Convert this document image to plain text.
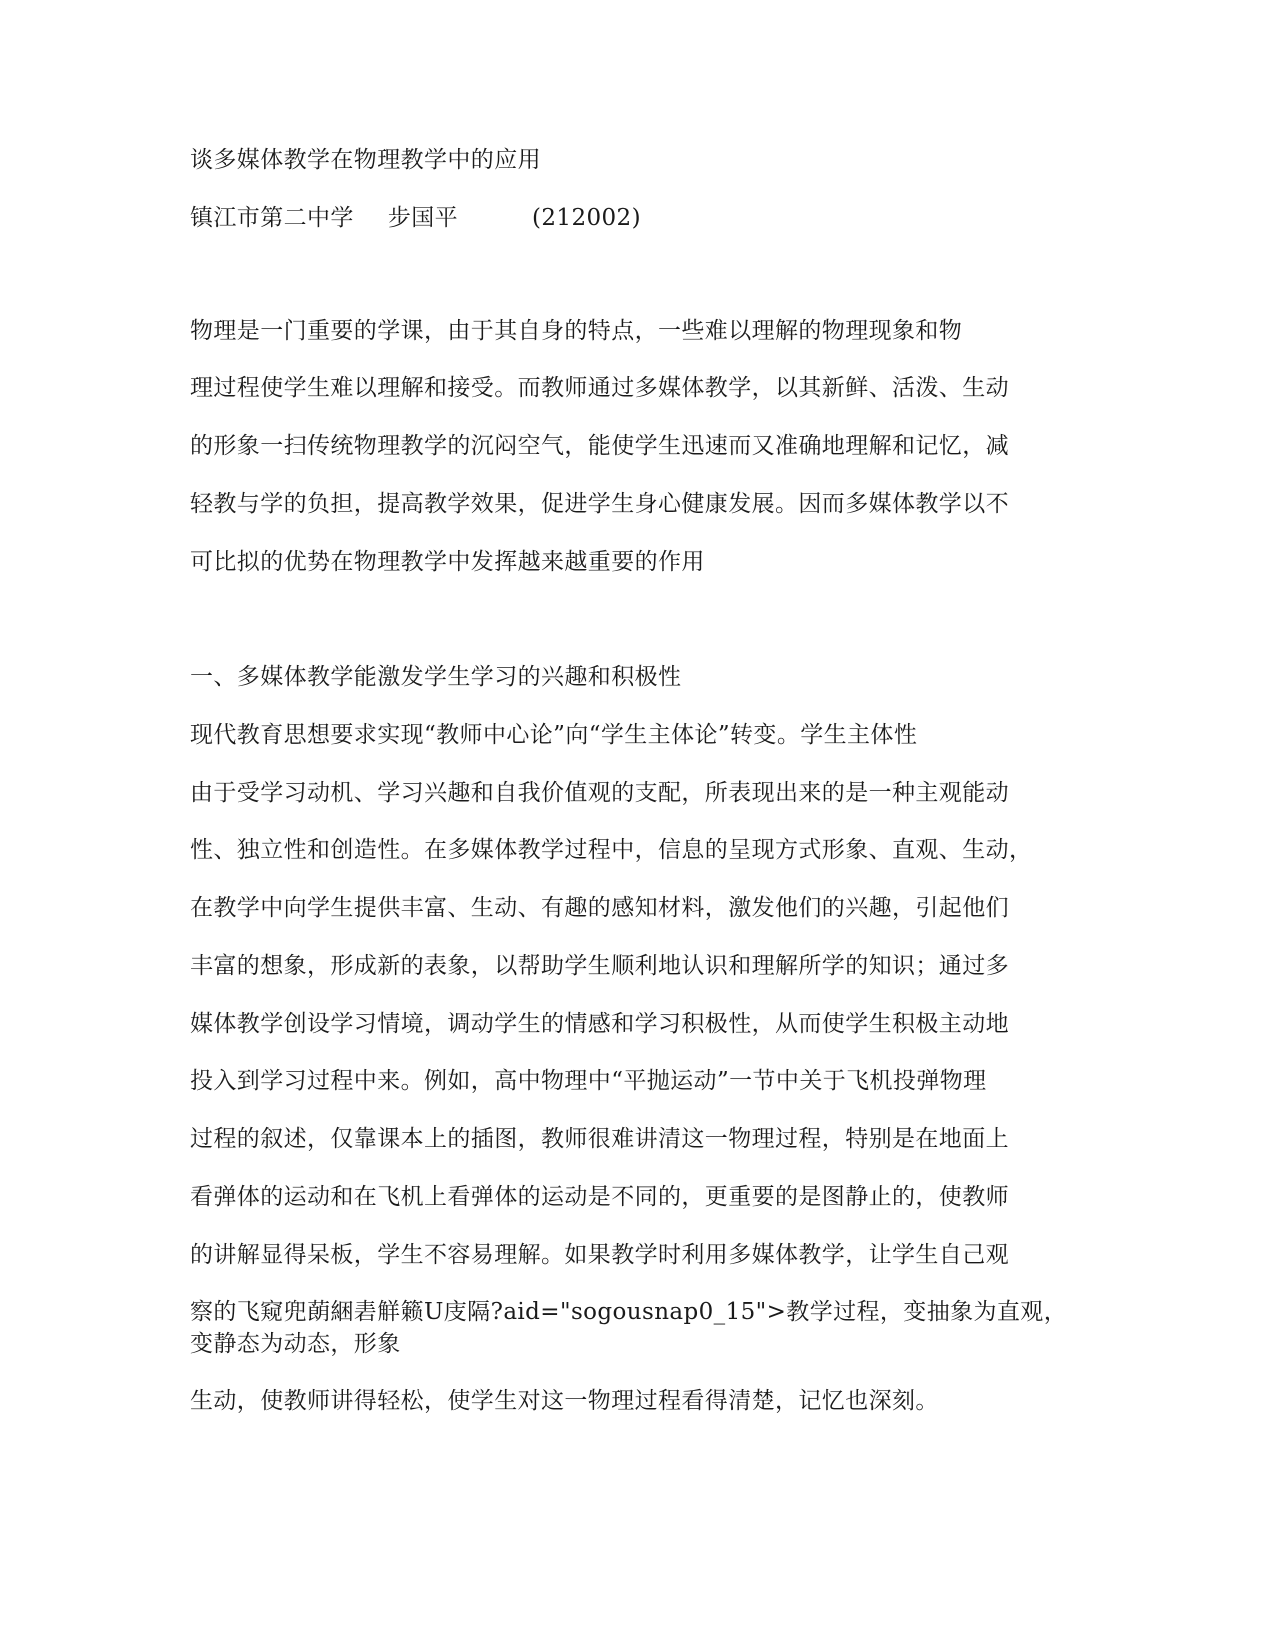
谈多媒体教学在物理教学中的应用
镇江市第二中学 步国平	(212002)
物理是一门重要的学课，由于其自身的特点，一些难以理解的物理现象和物
理过程使学生难以理解和接受。而教师通过多媒体教学，以其新鲜、活泼、生动
的形象一扫传统物理教学的沉闷空气，能使学生迅速而又准确地理解和记忆，减
轻教与学的负担，提高教学效果，促进学生身心健康发展。因而多媒体教学以不
可比拟的优势在物理教学中发挥越来越重要的作用
一、多媒体教学能激发学生学习的兴趣和积极性
现代教育思想要求实现“教师中心论”向“学生主体论”转变。学生主体性
由于受学习动机、学习兴趣和自我价值观的支配，所表现出来的是一种主观能动
性、独立性和创造性。在多媒体教学过程中，信息的呈现方式形象、直观、生动，
在教学中向学生提供丰富、生动、有趣的感知材料，激发他们的兴趣，引起他们
丰富的想象，形成新的表象，以帮助学生顺利地认识和理解所学的知识；通过多
媒体教学创设学习情境，调动学生的情感和学习积极性，从而使学生积极主动地
投入到学习过程中来。例如，高中物理中“平抛运动”一节中关于飞机投弹物理
过程的叙述，仅靠课本上的插图，教师很难讲清这一物理过程，特别是在地面上
看弹体的运动和在飞机上看弹体的运动是不同的，更重要的是图静止的，使教师
的讲解显得呆板，学生不容易理解。如果教学时利用多媒体教学，让学生自己观
察的飞窥兜蓢綑砉觧籁U庋隔?aid="sogousnap0_15">教学过程，变抽象为直观，变静态为动态，形象
生动，使教师讲得轻松，使学生对这一物理过程看得清楚，记忆也深刻。
